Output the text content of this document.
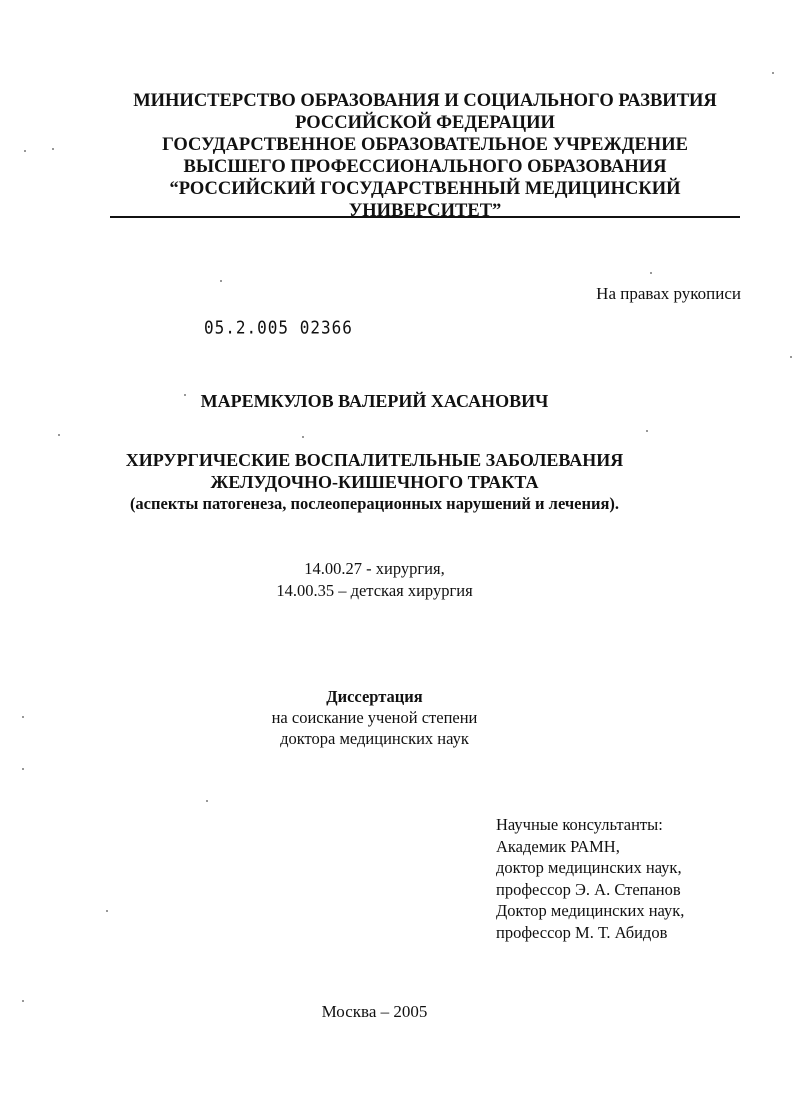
МИНИСТЕРСТВО ОБРАЗОВАНИЯ И СОЦИАЛЬНОГО РАЗВИТИЯ
РОССИЙСКОЙ ФЕДЕРАЦИИ
ГОСУДАРСТВЕННОЕ ОБРАЗОВАТЕЛЬНОЕ УЧРЕЖДЕНИЕ
ВЫСШЕГО ПРОФЕССИОНАЛЬНОГО ОБРАЗОВАНИЯ
“РОССИЙСКИЙ ГОСУДАРСТВЕННЫЙ МЕДИЦИНСКИЙ
УНИВЕРСИТЕТ”
На правах рукописи
05.2.005 02366
МАРЕМКУЛОВ ВАЛЕРИЙ ХАСАНОВИЧ
ХИРУРГИЧЕСКИЕ ВОСПАЛИТЕЛЬНЫЕ ЗАБОЛЕВАНИЯ
ЖЕЛУДОЧНО-КИШЕЧНОГО ТРАКТА
(аспекты патогенеза, послеоперационных нарушений и лечения).
14.00.27 - хирургия,
14.00.35 – детская хирургия
Диссертация
на соискание ученой степени
доктора медицинских наук
Научные консультанты:
Академик РАМН,
доктор медицинских наук,
профессор Э. А. Степанов
Доктор медицинских наук,
профессор М. Т. Абидов
Москва – 2005
